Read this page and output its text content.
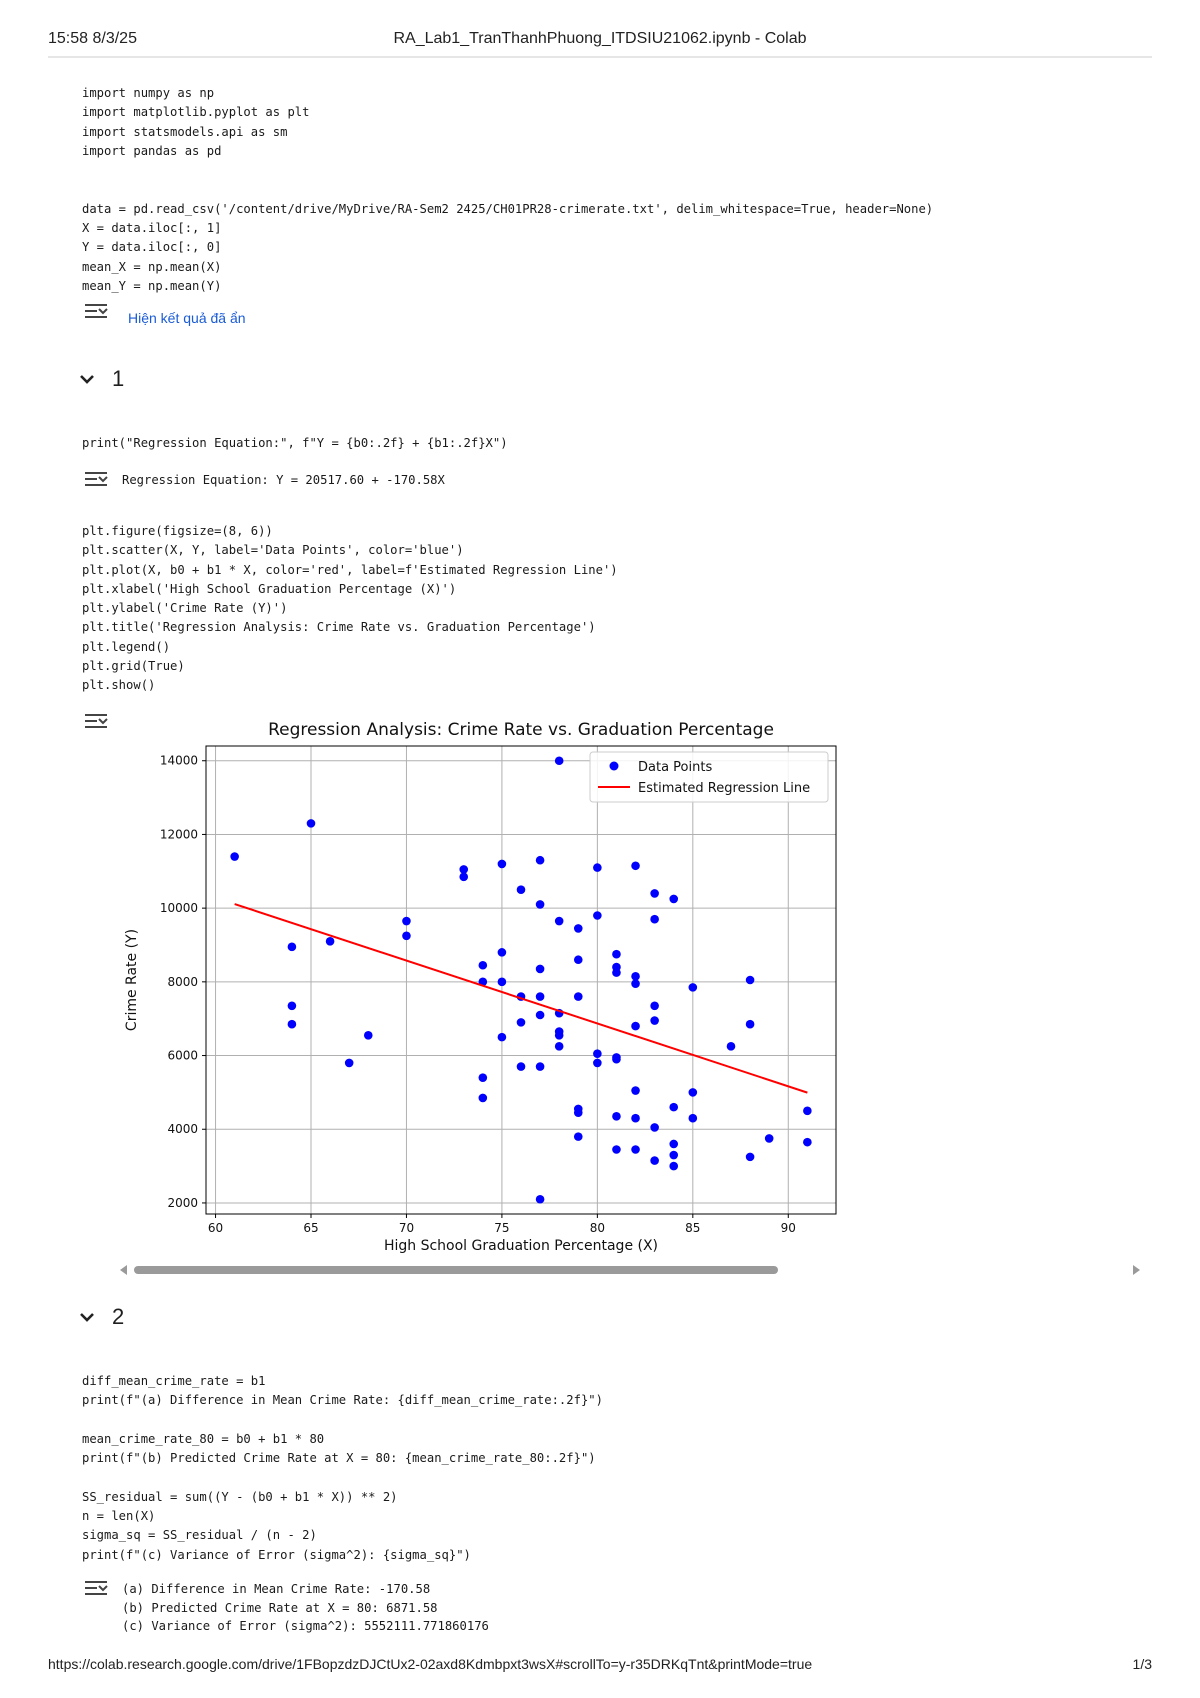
15:58 8/3/25	RA_Lab1_TranThanhPhuong_ITDSIU21062.ipynb - Colab
import numpy as np
import matplotlib.pyplot as plt
import statsmodels.api as sm
import pandas as pd

data = pd.read_csv('/content/drive/MyDrive/RA-Sem2 2425/CH01PR28-crimerate.txt', delim_whitespace=True, header=None)
X = data.iloc[:, 1]
Y = data.iloc[:, 0]
mean_X = np.mean(X)
mean_Y = np.mean(Y)
Hiện kết quả đã ẩn
1
print("Regression Equation:", f"Y = {b0:.2f} + {b1:.2f}X")
Regression Equation: Y = 20517.60 + -170.58X
plt.figure(figsize=(8, 6))
plt.scatter(X, Y, label='Data Points', color='blue')
plt.plot(X, b0 + b1 * X, color='red', label=f'Estimated Regression Line')
plt.xlabel('High School Graduation Percentage (X)')
plt.ylabel('Crime Rate (Y)')
plt.title('Regression Analysis: Crime Rate vs. Graduation Percentage')
plt.legend()
plt.grid(True)
plt.show()
60	65	70	75	80	85	90
2000
4000
6000
8000
10000
12000
14000
Regression Analysis: Crime Rate vs. Graduation Percentage
High School Graduation Percentage (X)
Crime Rate (Y)
Data Points
Estimated Regression Line
2
diff_mean_crime_rate = b1
print(f"(a) Difference in Mean Crime Rate: {diff_mean_crime_rate:.2f}")

mean_crime_rate_80 = b0 + b1 * 80
print(f"(b) Predicted Crime Rate at X = 80: {mean_crime_rate_80:.2f}")

SS_residual = sum((Y - (b0 + b1 * X)) ** 2)
n = len(X)
sigma_sq = SS_residual / (n - 2)
print(f"(c) Variance of Error (sigma^2): {sigma_sq}")
(a) Difference in Mean Crime Rate: -170.58
(b) Predicted Crime Rate at X = 80: 6871.58
(c) Variance of Error (sigma^2): 5552111.771860176
https://colab.research.google.com/drive/1FBopzdzDJCtUx2-02axd8Kdmbpxt3wsX#scrollTo=y-r35DRKqTnt&printMode=true	1/3
